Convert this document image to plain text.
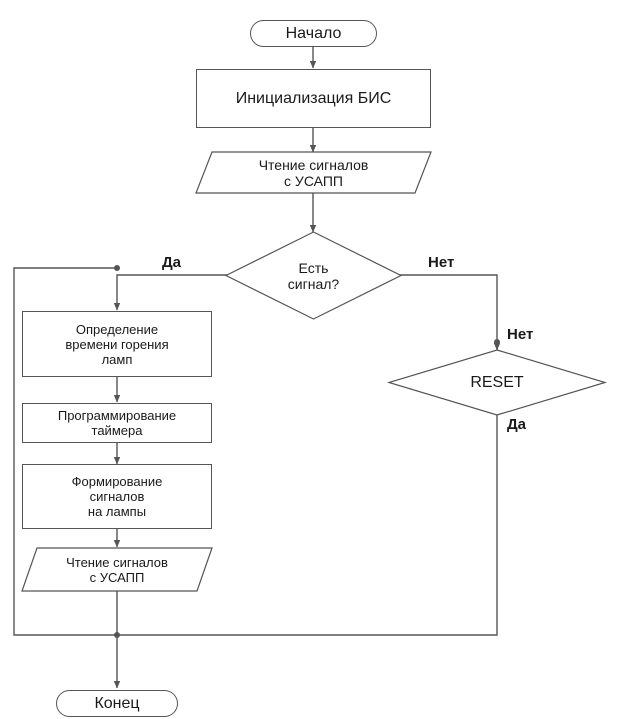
Начало
Инициализация БИС
Чтение сигналов
с УСАПП
Есть
сигнал?
Да	Нет
Определение
времени горения
ламп
Программирование
таймера
Формирование
сигналов
на лампы
Чтение сигналов
с УСАПП
RESET
Нет
Да
Конец
